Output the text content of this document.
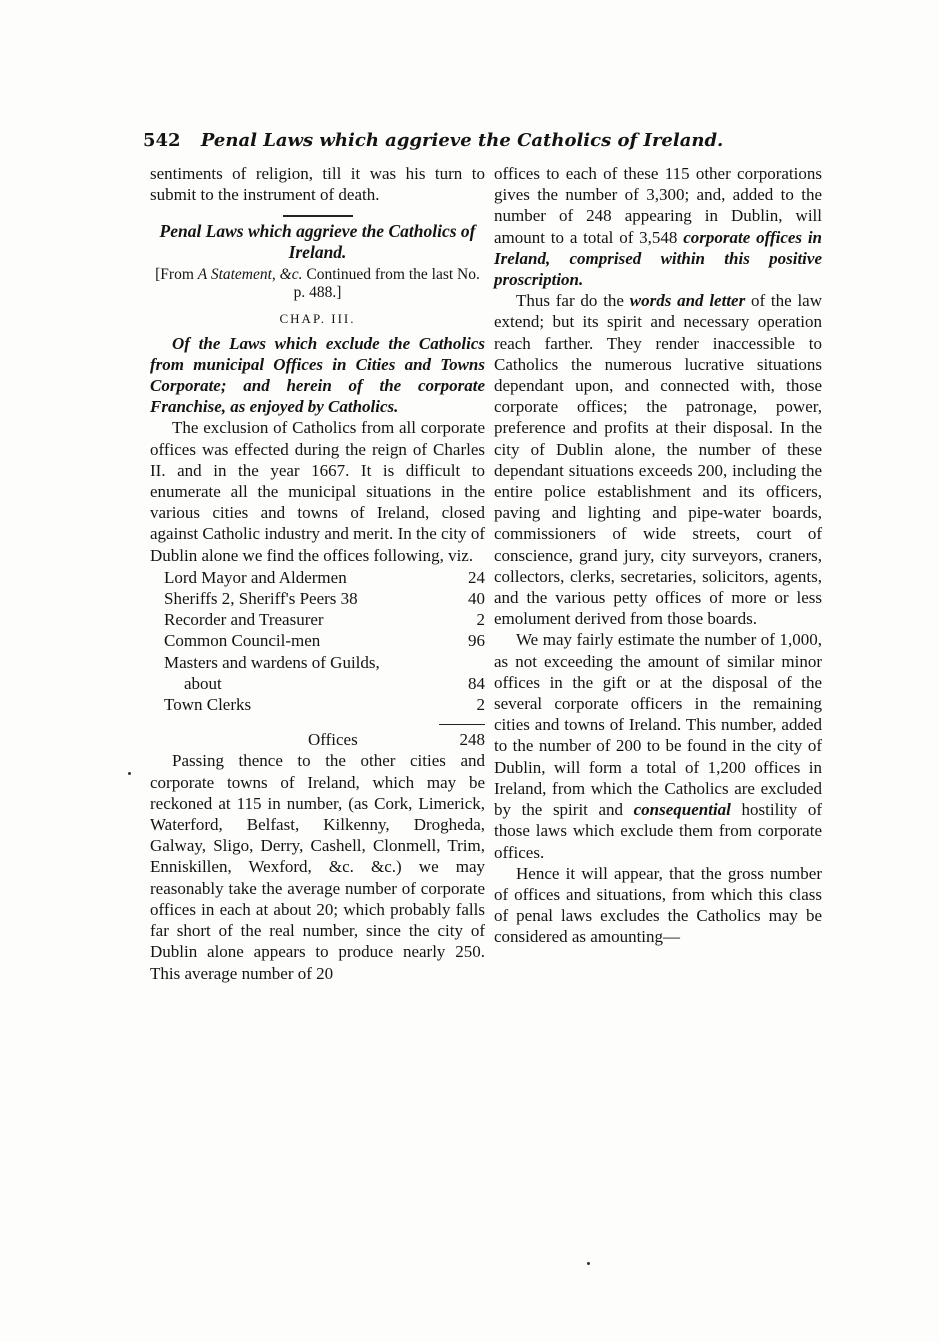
542 Penal Laws which aggrieve the Catholics of Ireland.

sentiments of religion, till it was his turn to submit to the instrument of death.

Penal Laws which aggrieve the Catholics of Ireland.

[From A Statement, &c. Continued from the last No. p. 488.]

CHAP. III.

Of the Laws which exclude the Catholics from municipal Offices in Cities and Towns Corporate; and herein of the corporate Franchise, as enjoyed by Catholics.

The exclusion of Catholics from all corporate offices was effected during the reign of Charles II. and in the year 1667. It is difficult to enumerate all the municipal situations in the various cities and towns of Ireland, closed against Catholic industry and merit. In the city of Dublin alone we find the offices following, viz.

Lord Mayor and Aldermen	24
Sheriffs 2, Sheriff's Peers 38	40
Recorder and Treasurer	2
Common Council-men	96
Masters and wardens of Guilds,	
about	84
Town Clerks	2
Offices	248

Passing thence to the other cities and corporate towns of Ireland, which may be reckoned at 115 in number, (as Cork, Limerick, Waterford, Belfast, Kilkenny, Drogheda, Galway, Sligo, Derry, Cashell, Clonmell, Trim, Enniskillen, Wexford, &c. &c.) we may reasonably take the average number of corporate offices in each at about 20; which probably falls far short of the real number, since the city of Dublin alone appears to produce nearly 250. This average number of 20

offices to each of these 115 other corporations gives the number of 3,300; and, added to the number of 248 appearing in Dublin, will amount to a total of 3,548 corporate offices in Ireland, comprised within this positive proscription.

Thus far do the words and letter of the law extend; but its spirit and necessary operation reach farther. They render inaccessible to Catholics the numerous lucrative situations dependant upon, and connected with, those corporate offices; the patronage, power, preference and profits at their disposal. In the city of Dublin alone, the number of these dependant situations exceeds 200, including the entire police establishment and its officers, paving and lighting and pipe-water boards, commissioners of wide streets, court of conscience, grand jury, city surveyors, craners, collectors, clerks, secretaries, solicitors, agents, and the various petty offices of more or less emolument derived from those boards.

We may fairly estimate the number of 1,000, as not exceeding the amount of similar minor offices in the gift or at the disposal of the several corporate officers in the remaining cities and towns of Ireland. This number, added to the number of 200 to be found in the city of Dublin, will form a total of 1,200 offices in Ireland, from which the Catholics are excluded by the spirit and consequential hostility of those laws which exclude them from corporate offices.

Hence it will appear, that the gross number of offices and situations, from which this class of penal laws excludes the Catholics may be considered as amounting—
